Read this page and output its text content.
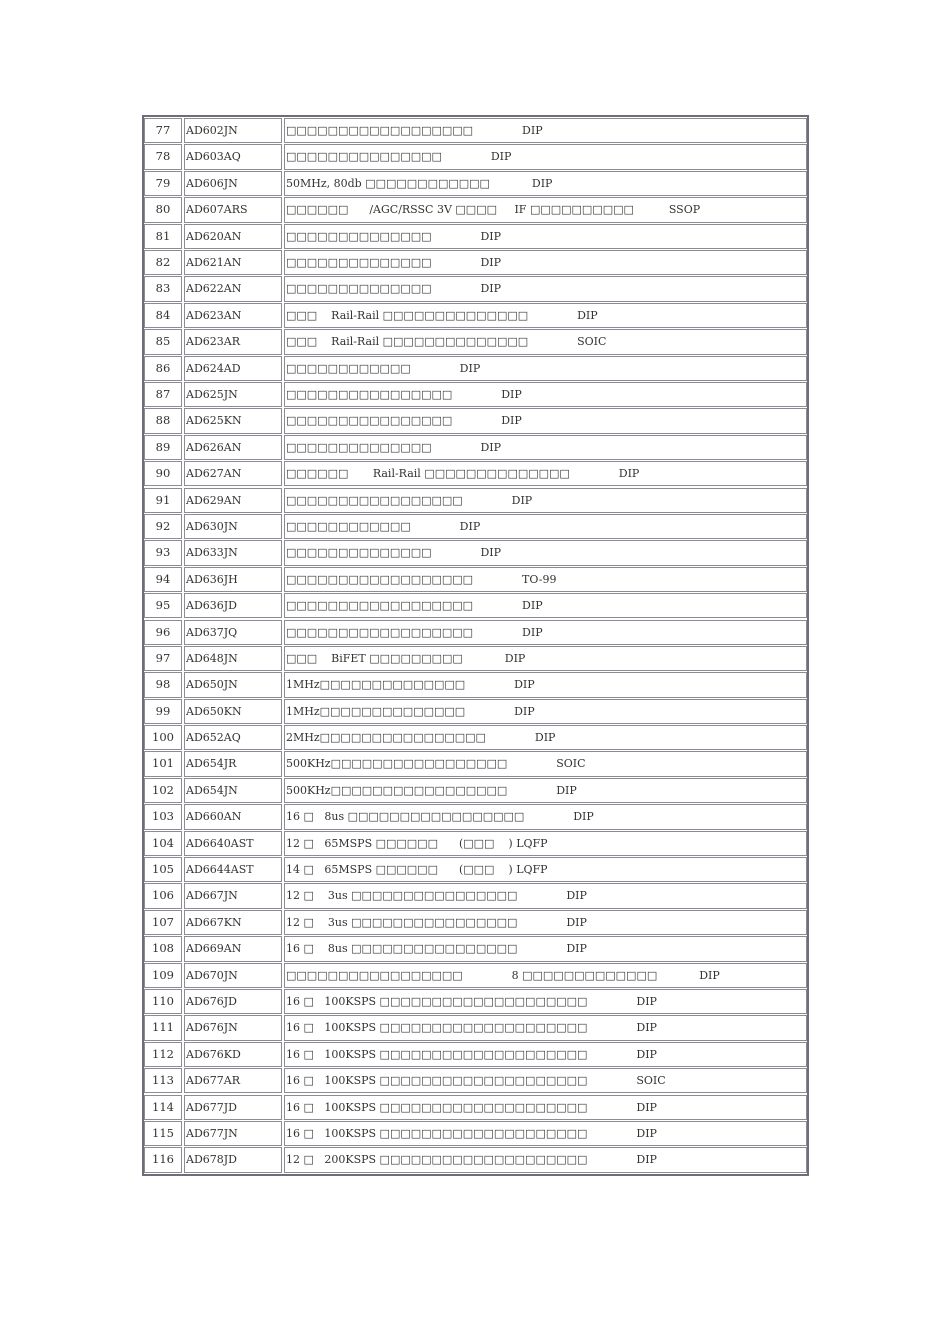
77	AD602JN	□□□□□□□□□□□□□□□□□□              DIP
78	AD603AQ	□□□□□□□□□□□□□□□              DIP
79	AD606JN	50MHz, 80db □□□□□□□□□□□□            DIP
80	AD607ARS	□□□□□□      /AGC/RSSC 3V □□□□     IF □□□□□□□□□□          SSOP
81	AD620AN	□□□□□□□□□□□□□□              DIP
82	AD621AN	□□□□□□□□□□□□□□              DIP
83	AD622AN	□□□□□□□□□□□□□□              DIP
84	AD623AN	□□□    Rail-Rail □□□□□□□□□□□□□□              DIP
85	AD623AR	□□□    Rail-Rail □□□□□□□□□□□□□□              SOIC
86	AD624AD	□□□□□□□□□□□□              DIP
87	AD625JN	□□□□□□□□□□□□□□□□              DIP
88	AD625KN	□□□□□□□□□□□□□□□□              DIP
89	AD626AN	□□□□□□□□□□□□□□              DIP
90	AD627AN	□□□□□□       Rail-Rail □□□□□□□□□□□□□□              DIP
91	AD629AN	□□□□□□□□□□□□□□□□□              DIP
92	AD630JN	□□□□□□□□□□□□              DIP
93	AD633JN	□□□□□□□□□□□□□□              DIP
94	AD636JH	□□□□□□□□□□□□□□□□□□              TO-99
95	AD636JD	□□□□□□□□□□□□□□□□□□              DIP
96	AD637JQ	□□□□□□□□□□□□□□□□□□              DIP
97	AD648JN	□□□    BiFET □□□□□□□□□            DIP
98	AD650JN	1MHz□□□□□□□□□□□□□□              DIP
99	AD650KN	1MHz□□□□□□□□□□□□□□              DIP
100	AD652AQ	2MHz□□□□□□□□□□□□□□□□              DIP
101	AD654JR	500KHz□□□□□□□□□□□□□□□□□              SOIC
102	AD654JN	500KHz□□□□□□□□□□□□□□□□□              DIP
103	AD660AN	16 □   8us □□□□□□□□□□□□□□□□□              DIP
104	AD6640AST	12 □   65MSPS □□□□□□      (□□□    ) LQFP
105	AD6644AST	14 □   65MSPS □□□□□□      (□□□    ) LQFP
106	AD667JN	12 □    3us □□□□□□□□□□□□□□□□              DIP
107	AD667KN	12 □    3us □□□□□□□□□□□□□□□□              DIP
108	AD669AN	16 □    8us □□□□□□□□□□□□□□□□              DIP
109	AD670JN	□□□□□□□□□□□□□□□□□              8 □□□□□□□□□□□□□            DIP
110	AD676JD	16 □   100KSPS □□□□□□□□□□□□□□□□□□□□              DIP
111	AD676JN	16 □   100KSPS □□□□□□□□□□□□□□□□□□□□              DIP
112	AD676KD	16 □   100KSPS □□□□□□□□□□□□□□□□□□□□              DIP
113	AD677AR	16 □   100KSPS □□□□□□□□□□□□□□□□□□□□              SOIC
114	AD677JD	16 □   100KSPS □□□□□□□□□□□□□□□□□□□□              DIP
115	AD677JN	16 □   100KSPS □□□□□□□□□□□□□□□□□□□□              DIP
116	AD678JD	12 □   200KSPS □□□□□□□□□□□□□□□□□□□□              DIP
